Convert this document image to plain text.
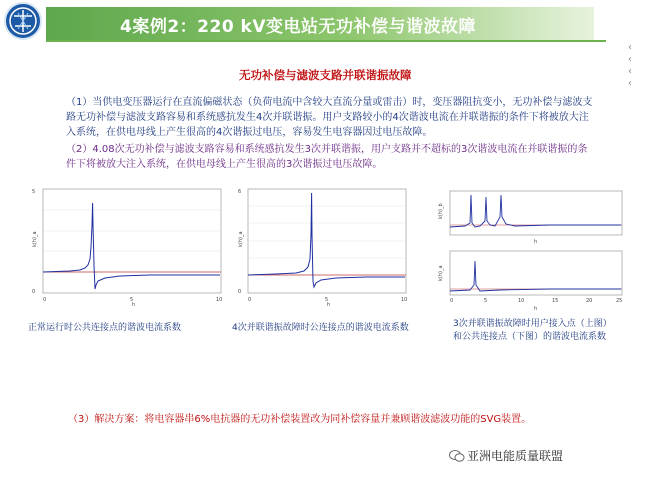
4案例2：220 kV变电站无功补偿与谐波故障
‹
‹
‹
‹
无功补偿与滤波支路并联谐振故障
（1）当供电变压器运行在直流偏磁状态（负荷电流中含较大直流分量或雷击）时，变压器阻抗变小，无功补偿与滤波支路无功补偿与滤波支路容易和系统感抗发生4次并联谐振。用户支路较小的4次谐波电流在并联谐振的条件下将被放大注入系统，在供电母线上产生很高的4次谐振过电压，容易发生电容器因过电压故障。
（2）4.08次无功补偿与滤波支路容易和系统感抗发生3次并联谐振，用户支路并不超标的3次谐波电流在并联谐振的条件下将被放大注入系统，在供电母线上产生很高的3次谐振过电压故障。
5
0
0	5	10
h
k(h)_a
正常运行时公共连接点的谐波电流系数
6
0
0	5	10
h
k(h)_a
4次并联谐振故障时公连接点的谐波电流系数
k(h)_b
h
k(h)_a
0	5	10	15	20	25
h
3次并联谐振故障时用户接入点（上图）
和公共连接点（下图）的谐波电流系数
（3）解决方案：将电容器串6%电抗器的无功补偿装置改为同补偿容量并兼顾谐波滤波功能的SVG装置。
亚洲电能质量联盟
